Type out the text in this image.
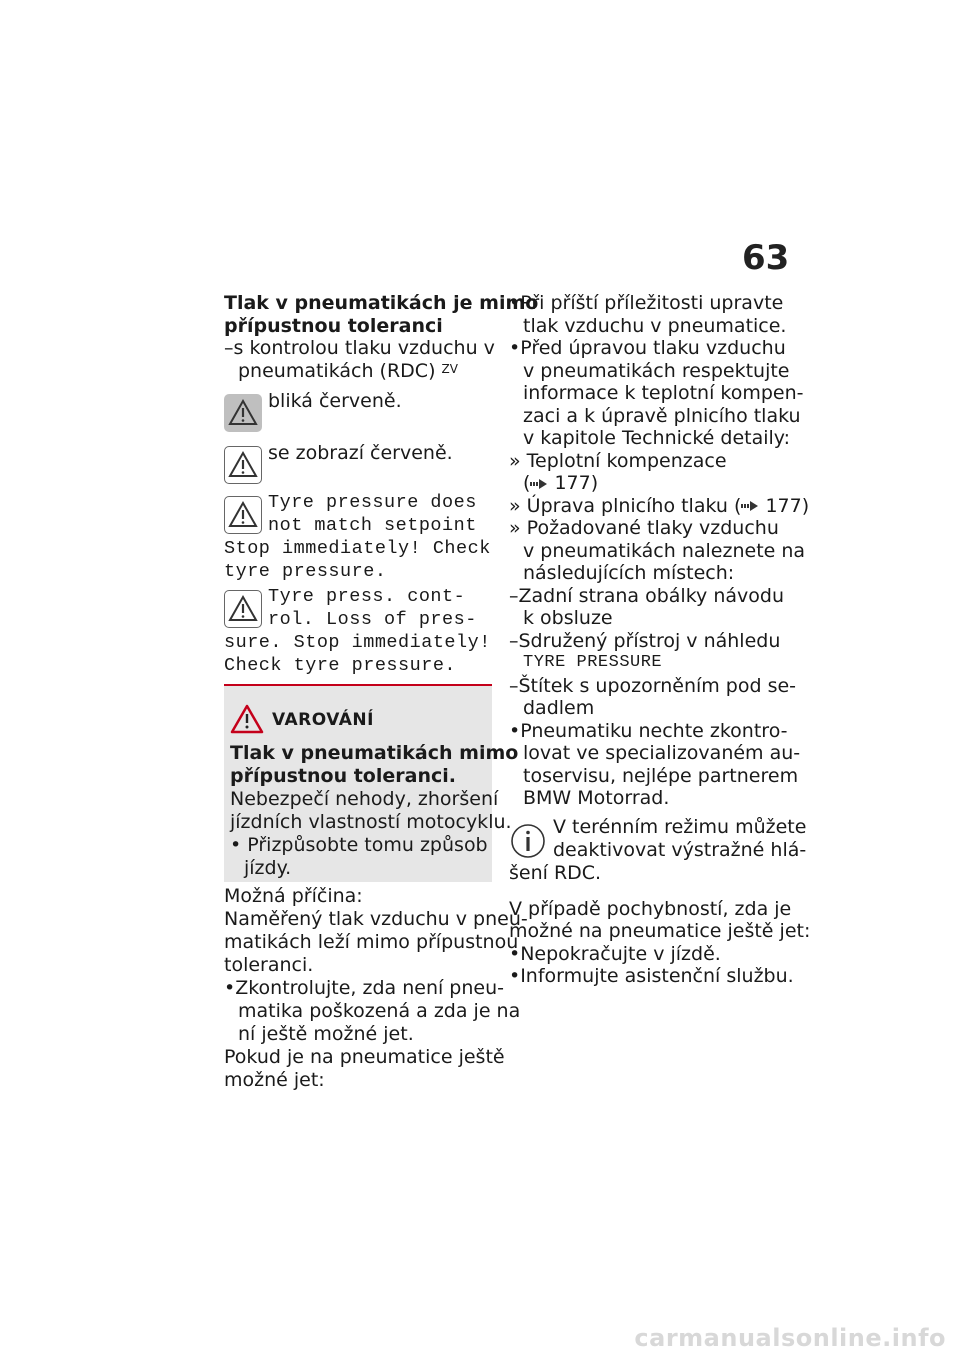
63
Tlak v pneumatikách je mimo
přípustnou toleranci
–s kontrolou tlaku vzduchu v
pneumatikách (RDC) $^{ZV}$
bliká červeně.
se zobrazí červeně.
Tyre pressure does
not match setpoint
Stop immediately! Check
tyre pressure.
Tyre press. cont-
rol. Loss of pres-
sure. Stop immediately!
Check tyre pressure.
VAROVÁNÍ
Tlak v pneumatikách mimo
přípustnou toleranci.
Nebezpečí nehody, zhoršení
jízdních vlastností motocyklu.
• Přizpůsobte tomu způsob
jízdy.
Možná příčina:
Naměřený tlak vzduchu v pneu-
matikách leží mimo přípustnou
toleranci.
•Zkontrolujte, zda není pneu-
matika poškozená a zda je na
ní ještě možné jet.
Pokud je na pneumatice ještě
možné jet:
•Při příští příležitosti upravte
tlak vzduchu v pneumatice.
•Před úpravou tlaku vzduchu
v pneumatikách respektujte
informace k teplotní kompen-
zaci a k úpravě plnicího tlaku
v kapitole Technické detaily:
» Teplotní kompenzace
( 177)
» Úprava plnicího tlaku ( 177)
» Požadované tlaky vzduchu
v pneumatikách naleznete na
následujících místech:
–Zadní strana obálky návodu
k obsluze
–Sdružený přístroj v náhledu
TYRE PRESSURE
–Štítek s upozorněním pod se-
dadlem
•Pneumatiku nechte zkontro-
lovat ve specializovaném au-
toservisu, nejlépe partnerem
BMW Motorrad.
V terénním režimu můžete
deaktivovat výstražné hlá-
šení RDC.
V případě pochybností, zda je
možné na pneumatice ještě jet:
•Nepokračujte v jízdě.
•Informujte asistenční službu.
carmanualsonline.info
